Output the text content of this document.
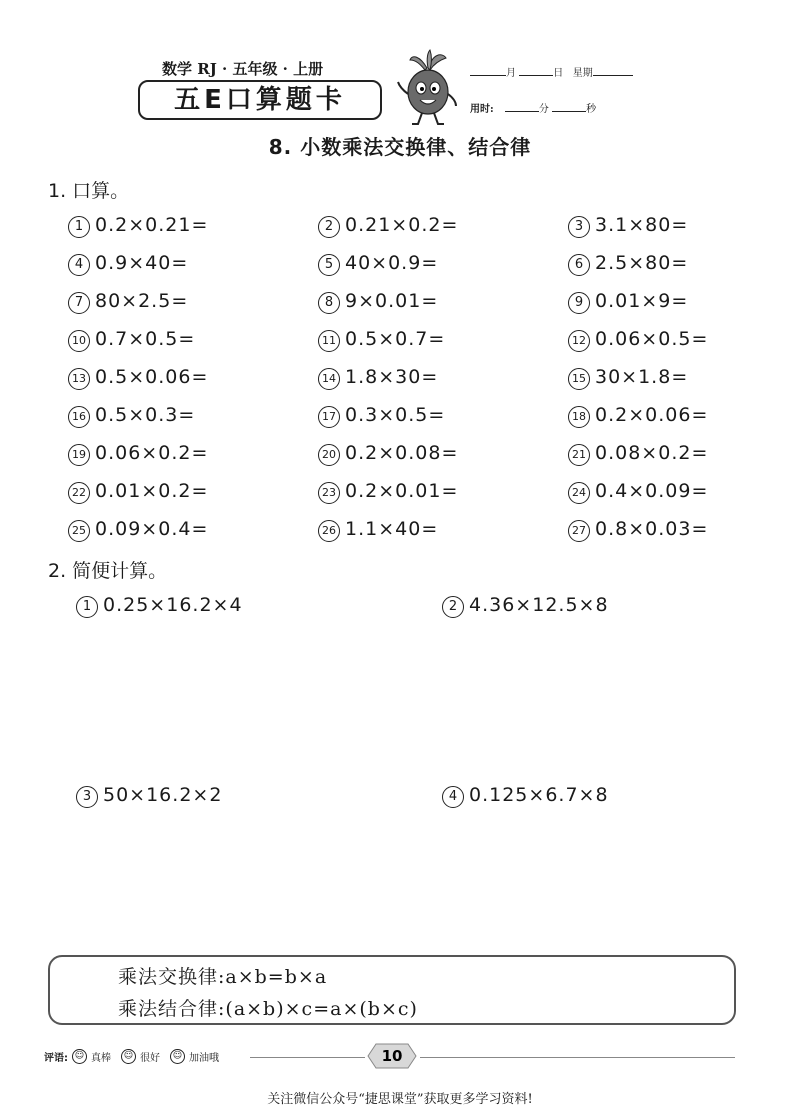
数学 RJ · 五年级 · 上册
五E口算题卡
月	日 星期
用时:	分	秒
8. 小数乘法交换律、结合律
1. 口算。
1 0.2×0.21=	2 0.21×0.2=	3 3.1×80=
4 0.9×40=	5 40×0.9=	6 2.5×80=
7 80×2.5=	8 9×0.01=	9 0.01×9=
10 0.7×0.5=	11 0.5×0.7=	12 0.06×0.5=
13 0.5×0.06=	14 1.8×30=	15 30×1.8=
16 0.5×0.3=	17 0.3×0.5=	18 0.2×0.06=
19 0.06×0.2=	20 0.2×0.08=	21 0.08×0.2=
22 0.01×0.2=	23 0.2×0.01=	24 0.4×0.09=
25 0.09×0.4=	26 1.1×40=	27 0.8×0.03=
2. 简便计算。
1 0.25×16.2×4	2 4.36×12.5×8
3 50×16.2×2	4 0.125×6.7×8
乘法交换律:a×b=b×a
乘法结合律:(a×b)×c=a×(b×c)
评语: ☺ 真棒	☺ 很好	☺ 加油哦	10
关注微信公众号“捷思课堂”获取更多学习资料!
